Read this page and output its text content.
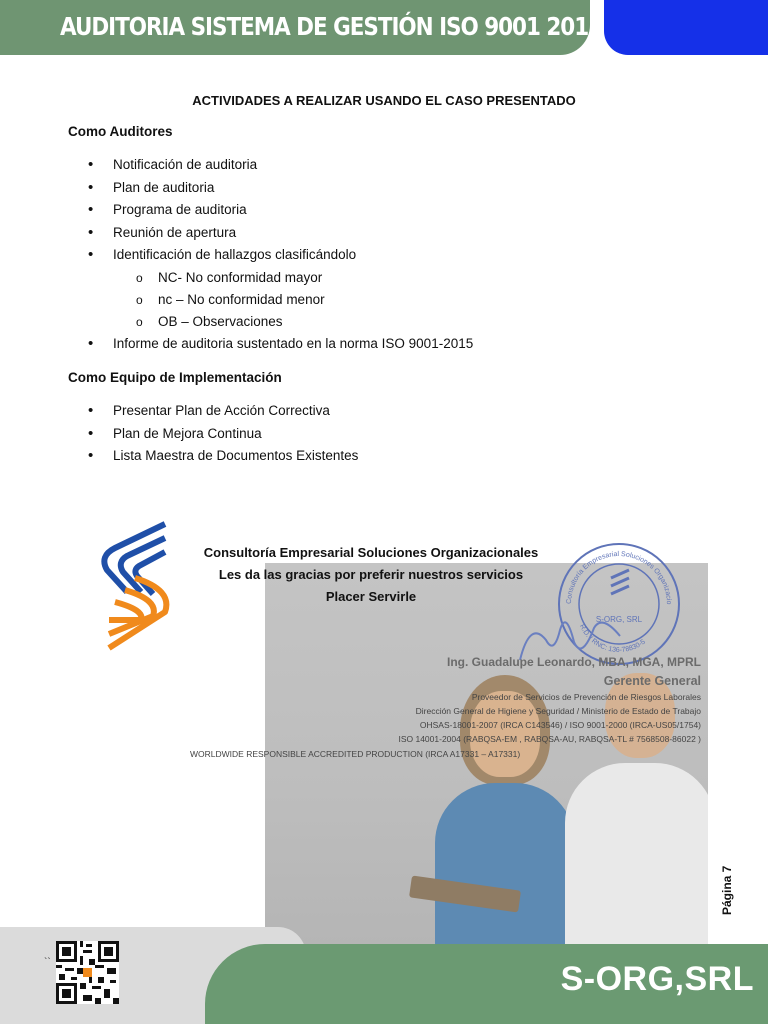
AUDITORIA SISTEMA DE GESTIÓN ISO 9001 2015
ACTIVIDADES A REALIZAR USANDO EL CASO PRESENTADO
Como Auditores
• Notificación de auditoria
• Plan de auditoria
• Programa de auditoria
• Reunión de apertura
• Identificación de hallazgos clasificándolo
o NC- No conformidad mayor
o nc – No conformidad menor
o OB – Observaciones
• Informe de auditoria sustentado en la norma ISO 9001-2015
Como Equipo de Implementación
• Presentar Plan de Acción Correctiva
• Plan de Mejora Continua
• Lista Maestra de Documentos Existentes
Consultoría Empresarial Soluciones Organizacionales
Les da las gracias por preferir nuestros servicios
Placer Servirle	Consultoría Empresarial Soluciones Organizacio
R.D. / RNC: 136-78830-5
S-ORG, SRL
Ing. Guadalupe Leonardo, MBA, MGA, MPRL
Gerente General
Proveedor de Servicios de Prevención de Riesgos Laborales
Dirección General de Higiene y Seguridad / Ministerio de Estado de Trabajo
OHSAS-18001-2007 (IRCA C143546) / ISO 9001-2000 (IRCA-US05/1754)
ISO 14001-2004 (RABQSA-EM , RABQSA-AU, RABQSA-TL # 7568508-86022 )
WORLDWIDE RESPONSIBLE ACCREDITED PRODUCTION (IRCA A17331 – A17331)
Página 7
S-ORG,SRL
``
